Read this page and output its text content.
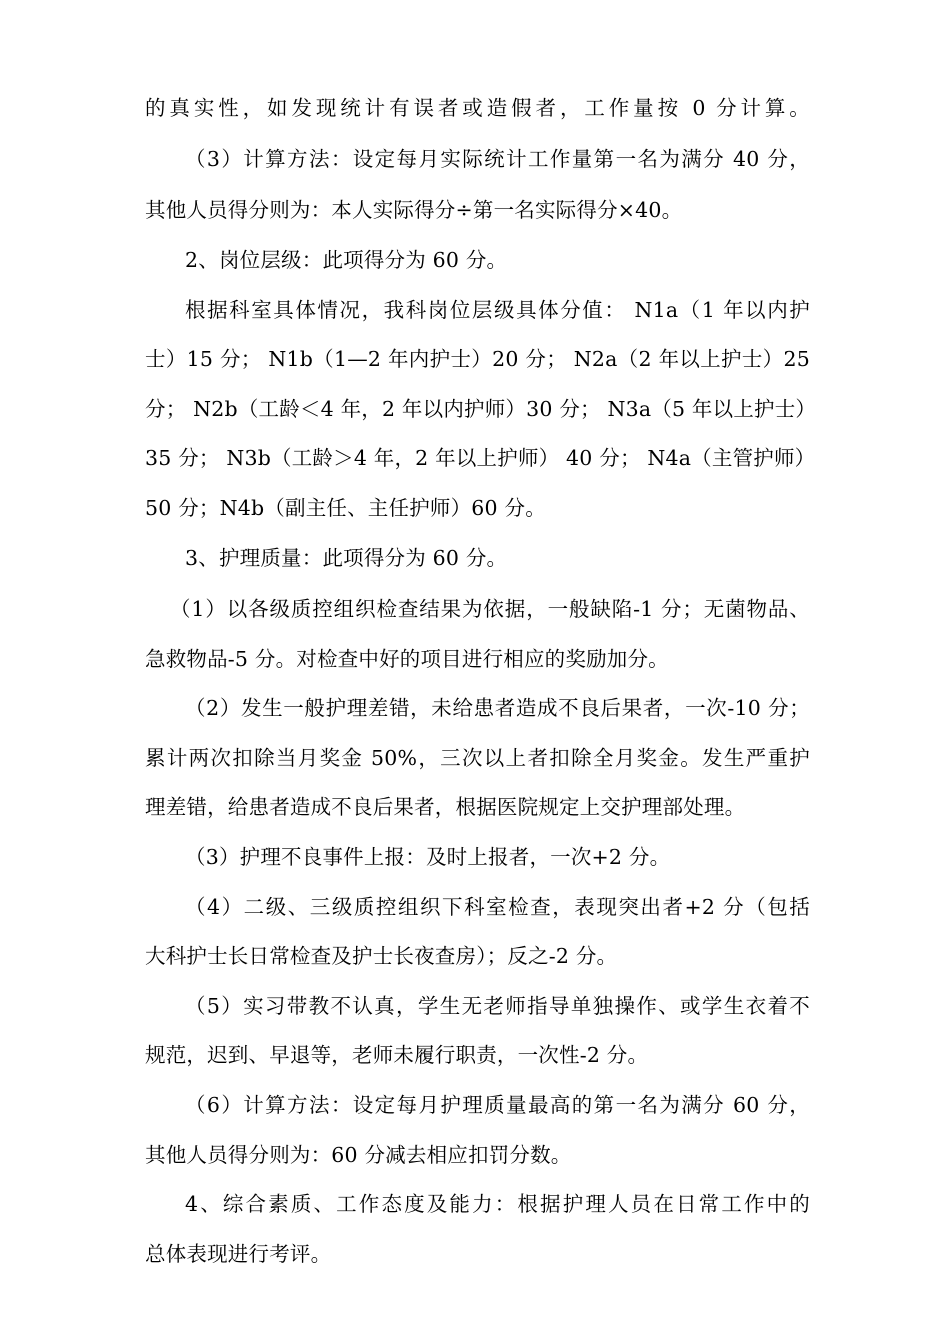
的真实性，如发现统计有误者或造假者，工作量按 0 分计算。
（3）计算方法：设定每月实际统计工作量第一名为满分 40 分，
其他人员得分则为：本人实际得分÷第一名实际得分×40。
2、岗位层级：此项得分为 60 分。
根据科室具体情况，我科岗位层级具体分值： N1a（1 年以内护
士）15 分； N1b（1—2 年内护士）20 分； N2a（2 年以上护士）25
分； N2b（工龄＜4 年，2 年以内护师）30 分； N3a（5 年以上护士）
35 分； N3b（工龄＞4 年，2 年以上护师） 40 分； N4a（主管护师）
50 分；N4b（副主任、主任护师）60 分。
3、护理质量：此项得分为 60 分。
（1）以各级质控组织检查结果为依据，一般缺陷-1 分；无菌物品、
急救物品-5 分。对检查中好的项目进行相应的奖励加分。
（2）发生一般护理差错，未给患者造成不良后果者，一次-10 分；
累计两次扣除当月奖金 50%，三次以上者扣除全月奖金。发生严重护
理差错，给患者造成不良后果者，根据医院规定上交护理部处理。
（3）护理不良事件上报：及时上报者，一次+2 分。
（4）二级、三级质控组织下科室检查，表现突出者+2 分（包括
大科护士长日常检查及护士长夜查房）；反之-2 分。
（5）实习带教不认真，学生无老师指导单独操作、或学生衣着不
规范，迟到、早退等，老师未履行职责，一次性-2 分。
（6）计算方法：设定每月护理质量最高的第一名为满分 60 分，
其他人员得分则为：60 分减去相应扣罚分数。
4、综合素质、工作态度及能力：根据护理人员在日常工作中的
总体表现进行考评。
